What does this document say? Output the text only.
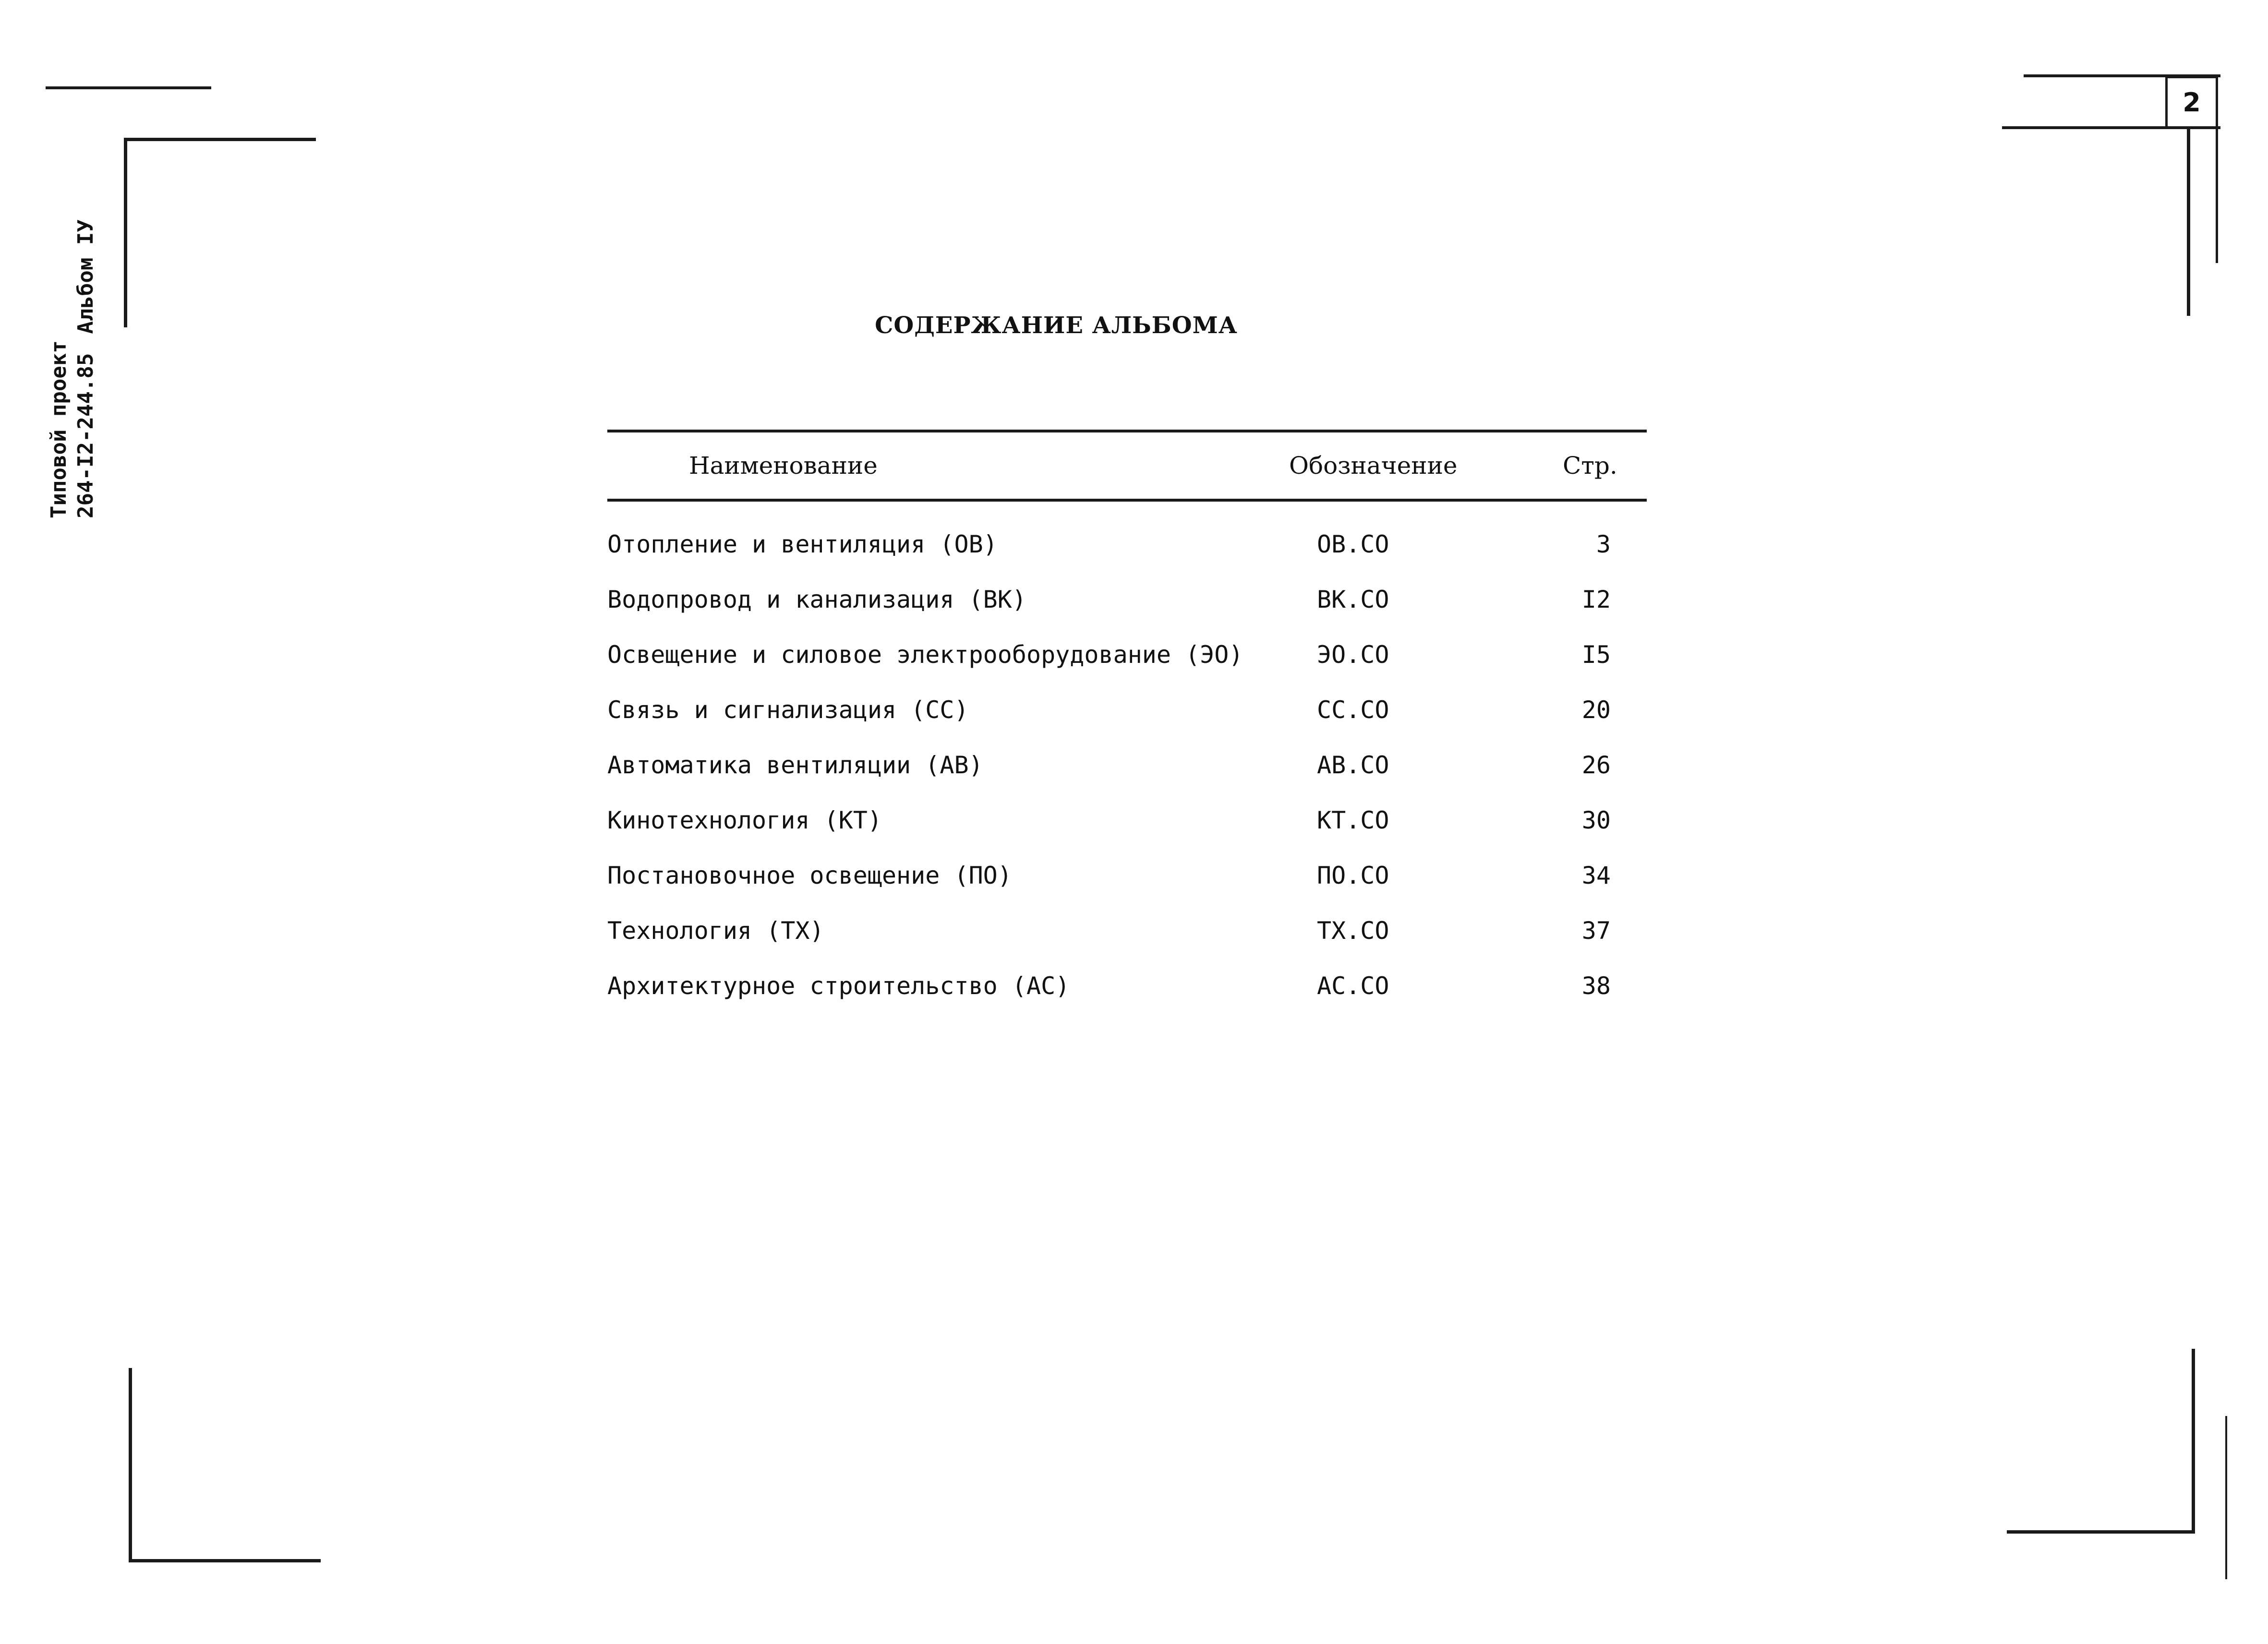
Типовой проект 264-I2-244.85Альбом IУ
2
СОДЕРЖАНИЕ АЛЬБОМА
Наименование	Обозначение	Стр.
Отопление и вентиляция (ОВ)	ОВ.СО	3
Водопровод и канализация (ВК)	ВК.СО	I2
Освещение и силовое электрооборудование (ЭО)	ЭО.СО	I5
Связь и сигнализация (СС)	СС.СО	20
Автоматика вентиляции (АВ)	АВ.СО	26
Кинотехнология (КТ)	КТ.СО	30
Постановочное освещение (ПО)	ПО.СО	34
Технология (ТХ)	ТХ.СО	37
Архитектурное строительство (АС)	АС.СО	38
